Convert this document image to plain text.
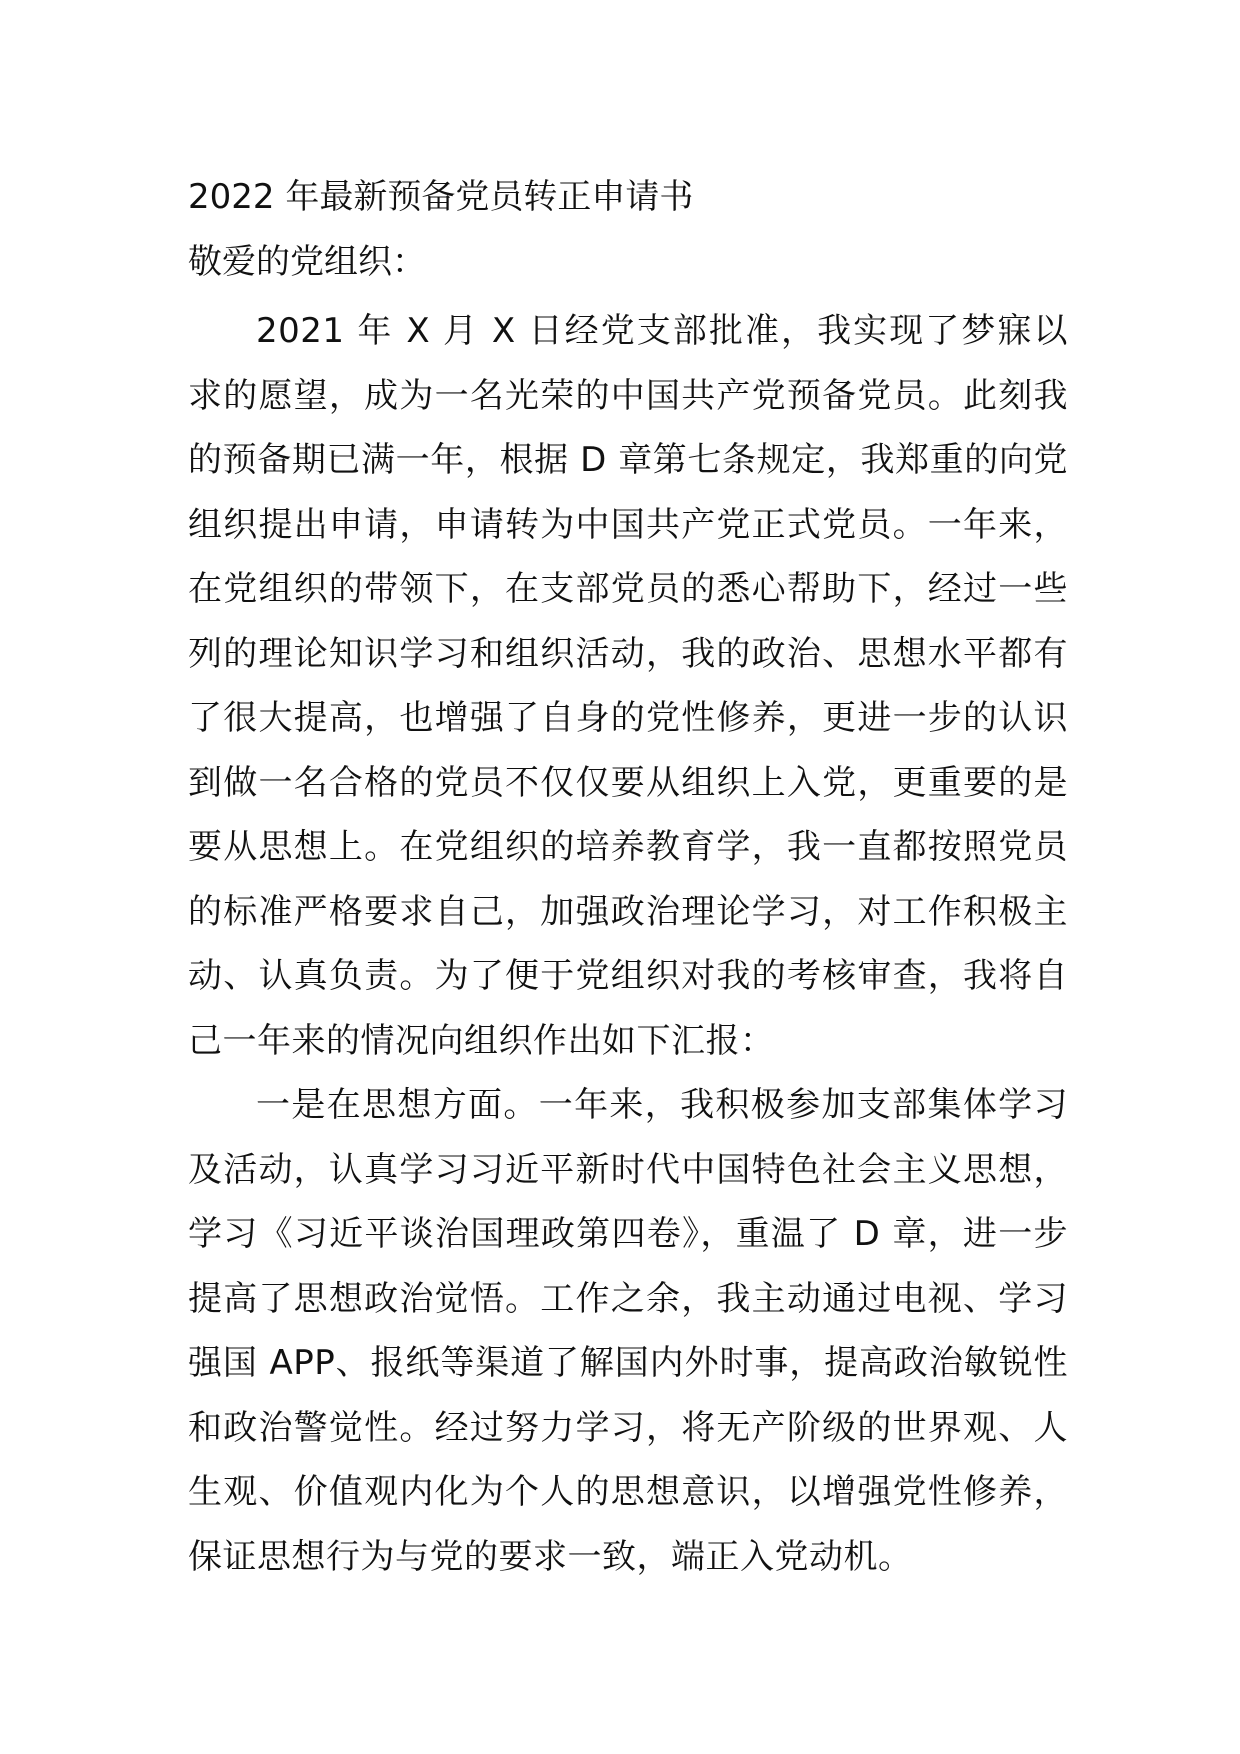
2022 年最新预备党员转正申请书
敬爱的党组织：

2021 年 X 月 X 日经党支部批准，我实现了梦寐以求的愿望，成为一名光荣的中国共产党预备党员。此刻我的预备期已满一年，根据 D 章第七条规定，我郑重的向党组织提出申请，申请转为中国共产党正式党员。一年来，在党组织的带领下，在支部党员的悉心帮助下，经过一些列的理论知识学习和组织活动，我的政治、思想水平都有了很大提高，也增强了自身的党性修养，更进一步的认识到做一名合格的党员不仅仅要从组织上入党，更重要的是要从思想上。在党组织的培养教育学，我一直都按照党员的标准严格要求自己，加强政治理论学习，对工作积极主动、认真负责。为了便于党组织对我的考核审查，我将自己一年来的情况向组织作出如下汇报：

一是在思想方面。一年来，我积极参加支部集体学习及活动，认真学习习近平新时代中国特色社会主义思想，学习《习近平谈治国理政第四卷》，重温了 D 章，进一步提高了思想政治觉悟。工作之余，我主动通过电视、学习强国 APP、报纸等渠道了解国内外时事，提高政治敏锐性和政治警觉性。经过努力学习，将无产阶级的世界观、人生观、价值观内化为个人的思想意识，以增强党性修养，保证思想行为与党的要求一致，端正入党动机。
